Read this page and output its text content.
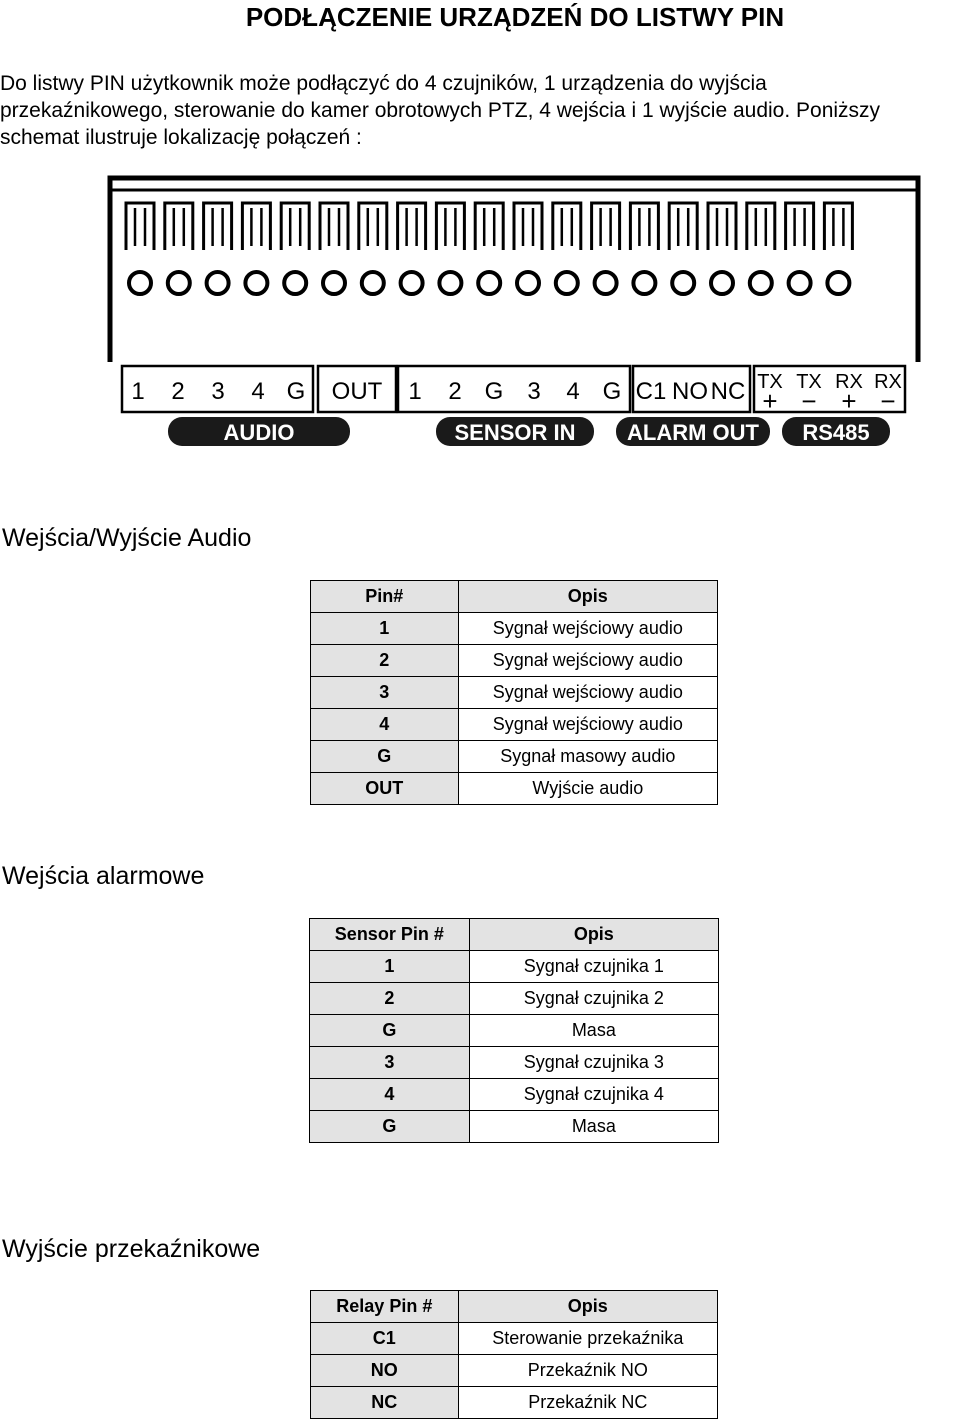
PODŁĄCZENIE URZĄDZEŃ DO LISTWY PIN
Do listwy PIN użytkownik może podłączyć do 4 czujników, 1 urządzenia do wyjścia
przekaźnikowego, sterowanie do kamer obrotowych PTZ, 4 wejścia i 1 wyjście audio. Poniższy
schemat ilustruje lokalizację połączeń :
1 2 3 4 G OUT 1 2 G 3 4 G C1 NO NC TX
+
TX
−
RX
+
RX
−
AUDIO	SENSOR IN ALARM OUT RS485
Wejścia/Wyjście Audio
Pin#	Opis
1	Sygnał wejściowy audio
2	Sygnał wejściowy audio
3	Sygnał wejściowy audio
4	Sygnał wejściowy audio
G	Sygnał masowy audio
OUT	Wyjście audio
Wejścia alarmowe
Sensor Pin #	Opis
1	Sygnał czujnika 1
2	Sygnał czujnika 2
G	Masa
3	Sygnał czujnika 3
4	Sygnał czujnika 4
G	Masa
Wyjście przekaźnikowe
Relay Pin #	Opis
C1	Sterowanie przekaźnika
NO	Przekaźnik NO
NC	Przekaźnik NC
